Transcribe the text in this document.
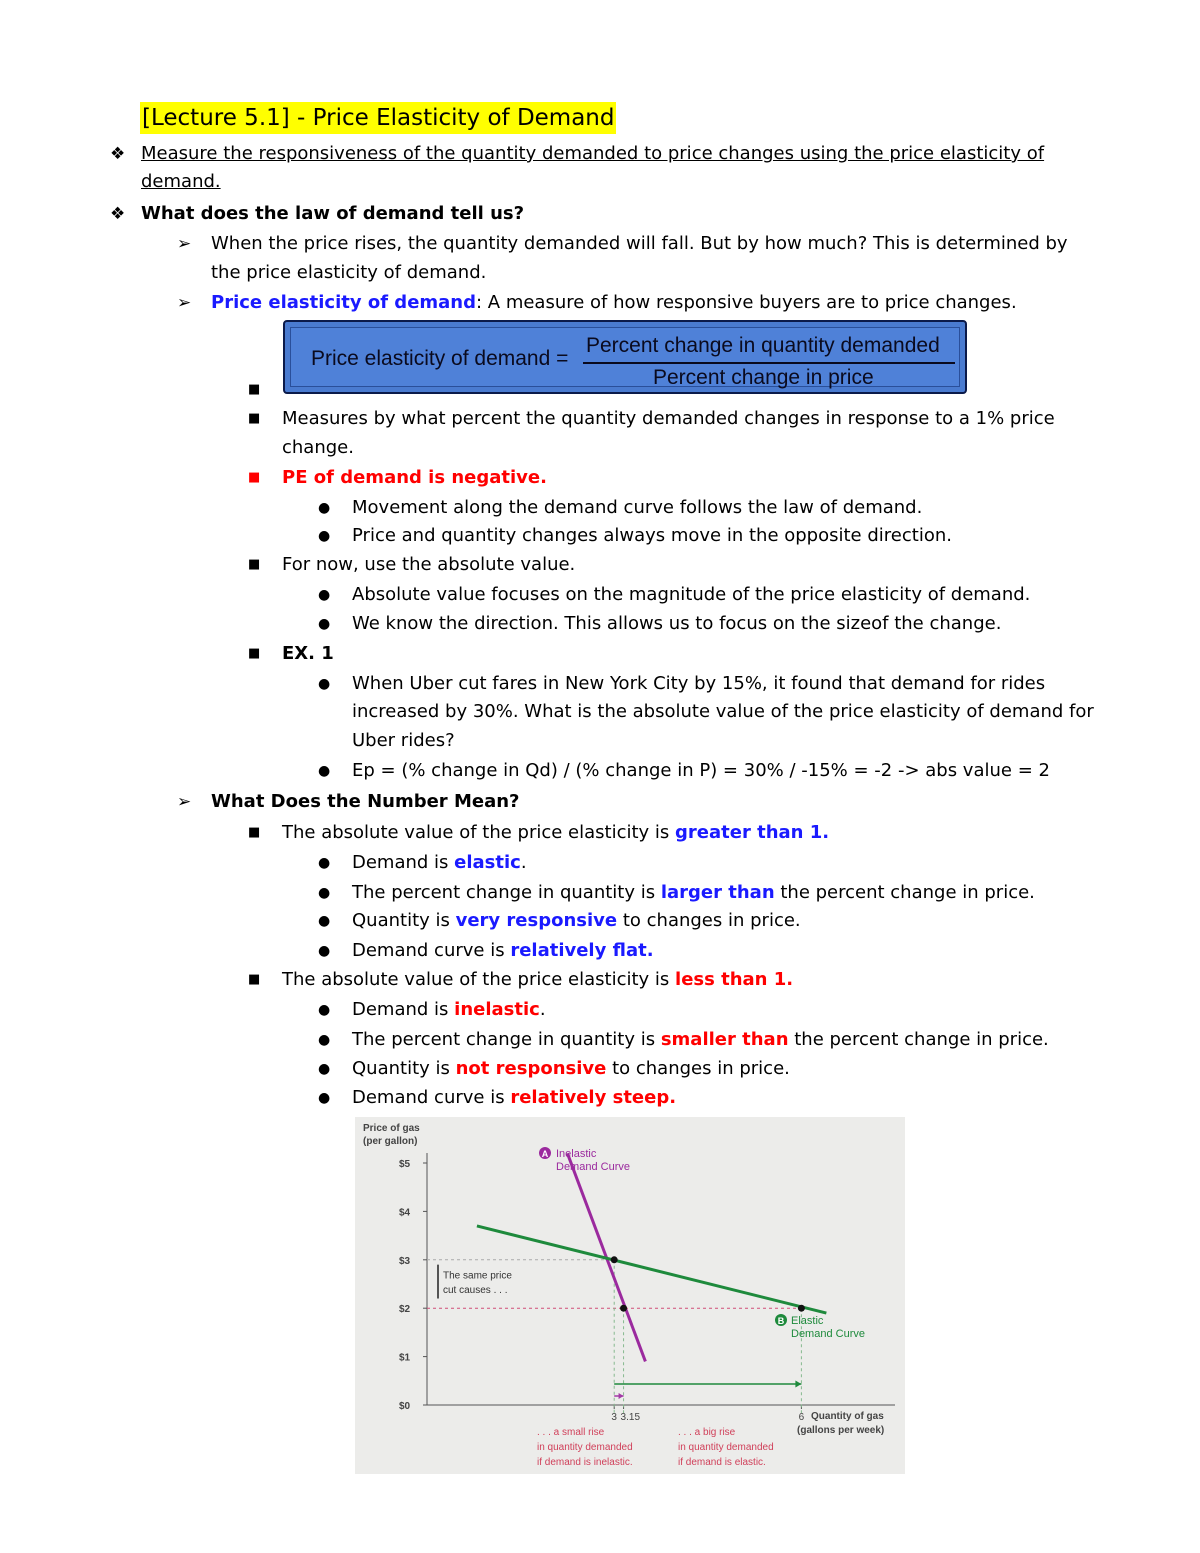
[Lecture 5.1] - Price Elasticity of Demand
❖ Measure the responsiveness of the quantity demanded to price changes using the price elasticity of
demand.
❖ What does the law of demand tell us?
➢ When the price rises, the quantity demanded will fall. But by how much? This is determined by
the price elasticity of demand.
➢ Price elasticity of demand: A measure of how responsive buyers are to price changes.
Price elasticity of demand =
Percent change in quantity demanded
Percent change in price
■
■ Measures by what percent the quantity demanded changes in response to a 1% price
change.
■ PE of demand is negative.
● Movement along the demand curve follows the law of demand.
● Price and quantity changes always move in the opposite direction.
■ For now, use the absolute value.
● Absolute value focuses on the magnitude of the price elasticity of demand.
● We know the direction. This allows us to focus on the sizeof the change.
■ EX. 1
● When Uber cut fares in New York City by 15%, it found that demand for rides
increased by 30%. What is the absolute value of the price elasticity of demand for
Uber rides?
● Ep = (% change in Qd) / (% change in P) = 30% / -15% = -2 -> abs value = 2
➢ What Does the Number Mean?
■ The absolute value of the price elasticity is greater than 1.
● Demand is elastic.
● The percent change in quantity is larger than the percent change in price.
● Quantity is very responsive to changes in price.
● Demand curve is relatively flat.
■ The absolute value of the price elasticity is less than 1.
● Demand is inelastic.
● The percent change in quantity is smaller than the percent change in price.
● Quantity is not responsive to changes in price.
● Demand curve is relatively steep.
Price of gas
(per gallon)
Quantity of gas
(gallons per week)
$0
$1
$2
$3
$4
$5
3 3.15	6
The same price
cut causes . . .
A Inelastic
Demand Curve
B Elastic
Demand Curve
. . . a small rise
in quantity demanded
if demand is inelastic.
. . . a big rise
in quantity demanded
if demand is elastic.
